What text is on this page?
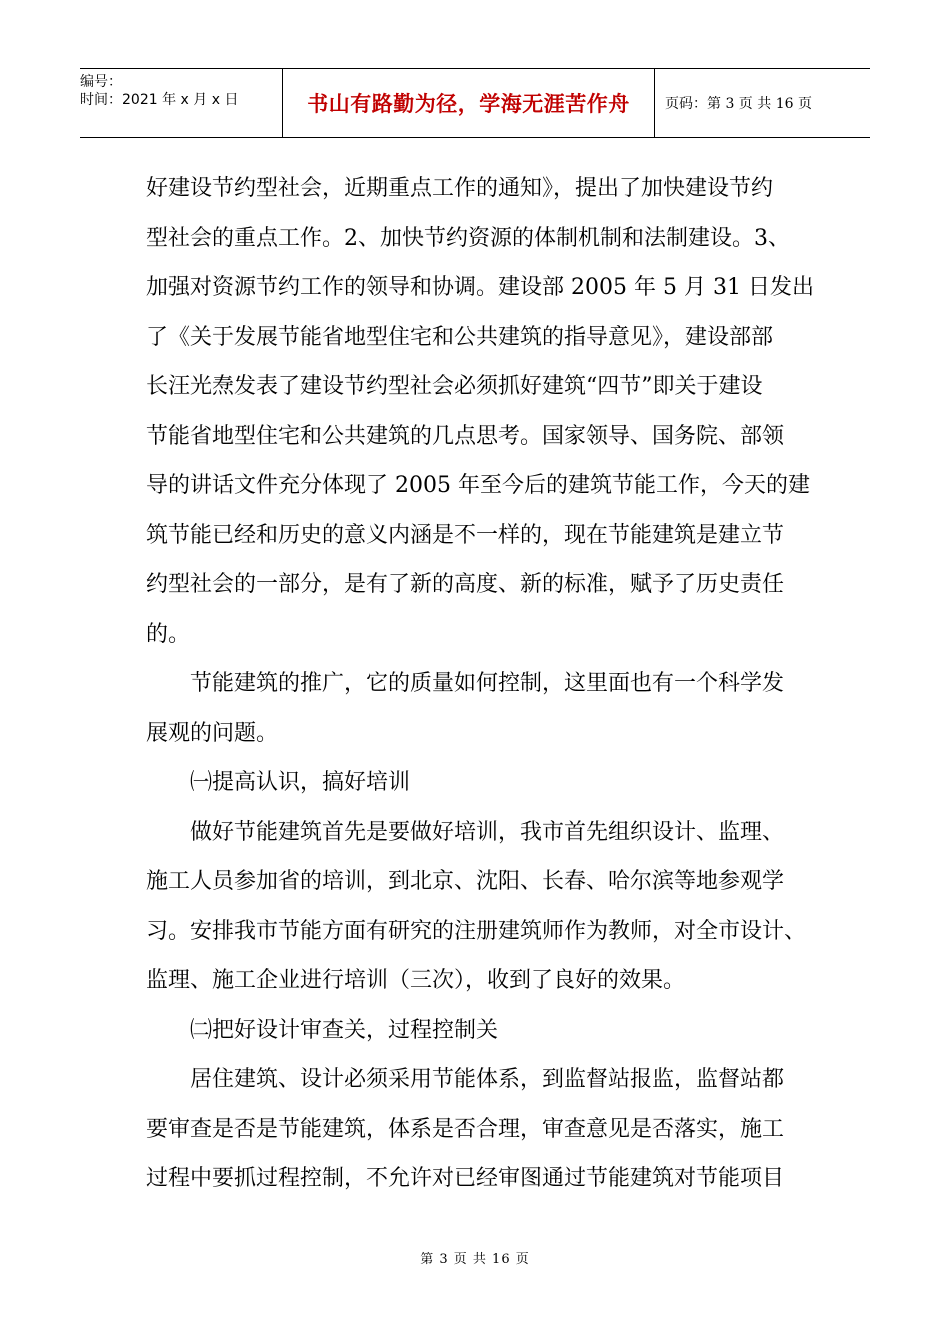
编号：
时间：2021 年 x 月 x 日	书山有路勤为径，学海无涯苦作舟	页码：第 3 页 共 16 页
好建设节约型社会，近期重点工作的通知》，提出了加快建设节约
型社会的重点工作。2、加快节约资源的体制机制和法制建设。3、
加强对资源节约工作的领导和协调。建设部 2005 年 5 月 31 日发出
了《关于发展节能省地型住宅和公共建筑的指导意见》，建设部部
长汪光焘发表了建设节约型社会必须抓好建筑“四节”即关于建设
节能省地型住宅和公共建筑的几点思考。国家领导、国务院、部领
导的讲话文件充分体现了 2005 年至今后的建筑节能工作，今天的建
筑节能已经和历史的意义内涵是不一样的，现在节能建筑是建立节
约型社会的一部分，是有了新的高度、新的标准，赋予了历史责任
的。
节能建筑的推广，它的质量如何控制，这里面也有一个科学发
展观的问题。
㈠提高认识，搞好培训
做好节能建筑首先是要做好培训，我市首先组织设计、监理、
施工人员参加省的培训，到北京、沈阳、长春、哈尔滨等地参观学
习。安排我市节能方面有研究的注册建筑师作为教师，对全市设计、
监理、施工企业进行培训（三次），收到了良好的效果。
㈡把好设计审查关，过程控制关
居住建筑、设计必须采用节能体系，到监督站报监，监督站都
要审查是否是节能建筑，体系是否合理，审查意见是否落实，施工
过程中要抓过程控制，不允许对已经审图通过节能建筑对节能项目
第 3 页 共 16 页
